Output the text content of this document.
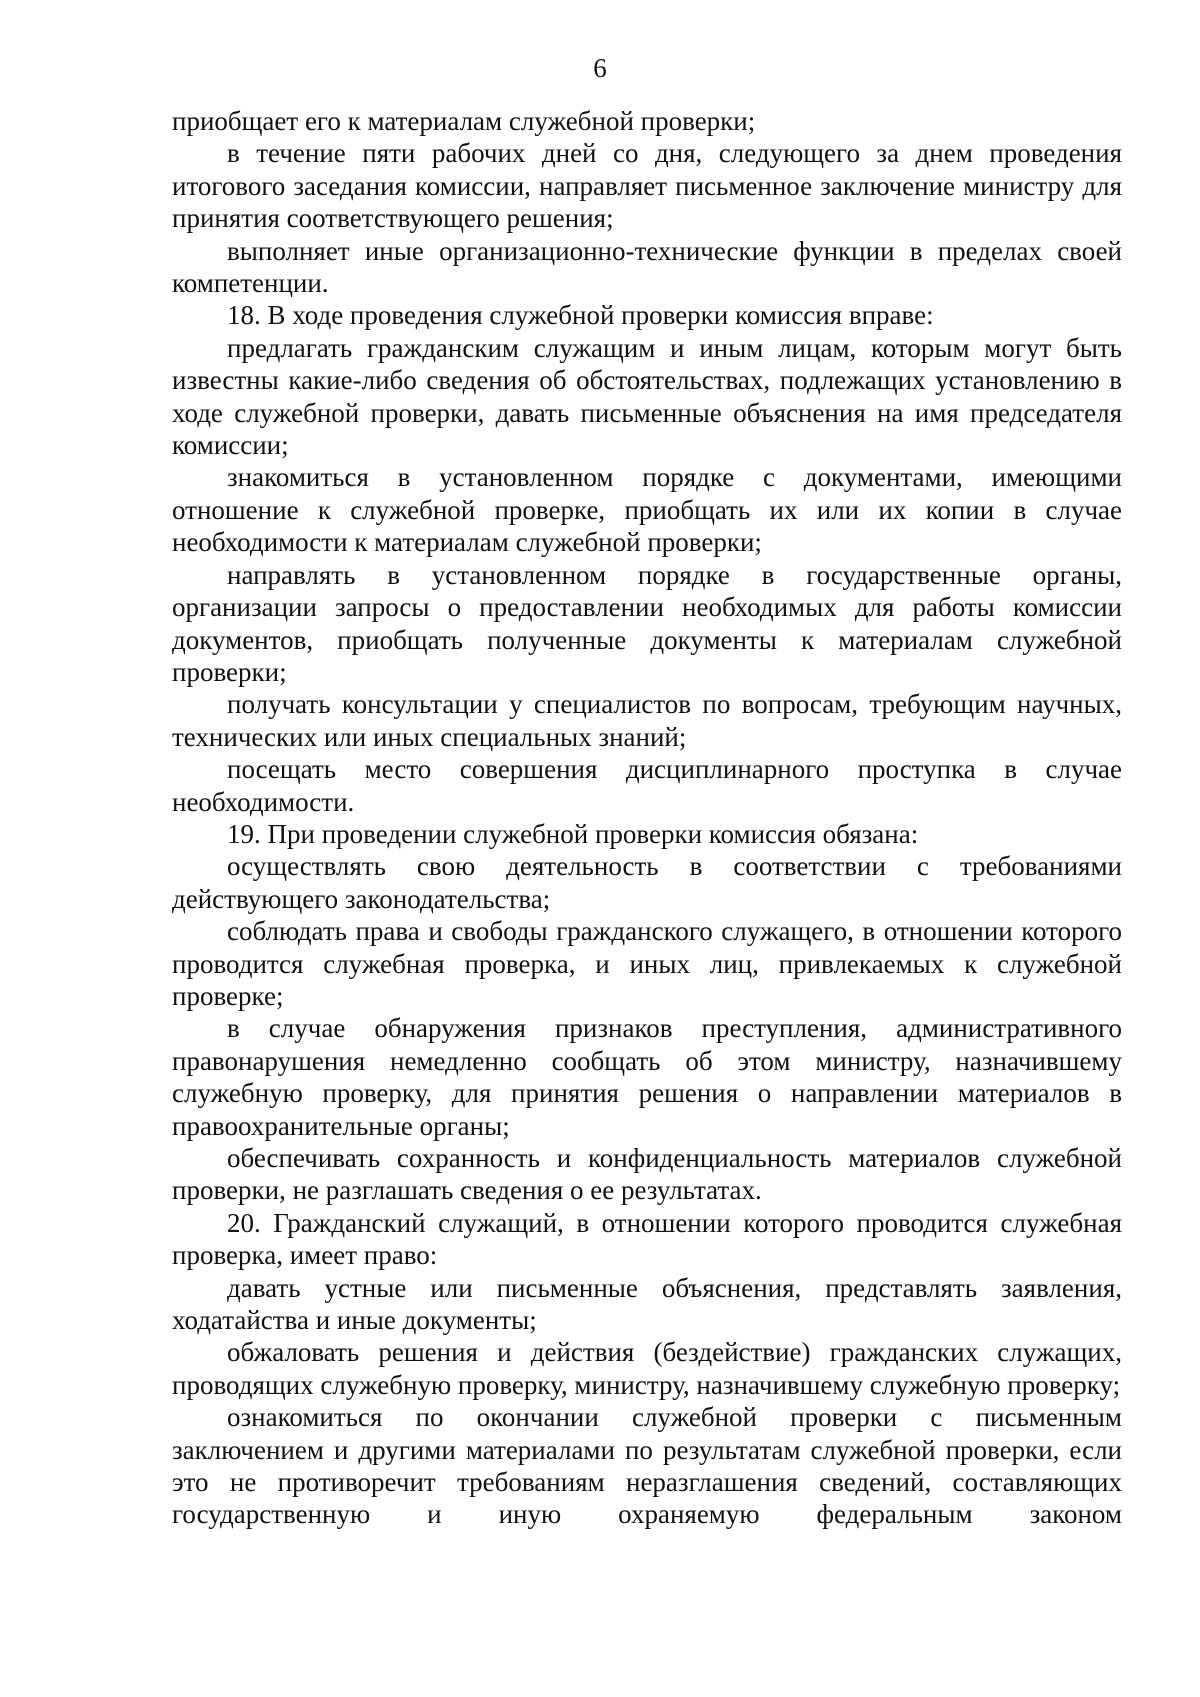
6

приобщает его к материалам служебной проверки;

в течение пяти рабочих дней со дня, следующего за днем проведения итогового заседания комиссии, направляет письменное заключение министру для принятия соответствующего решения;

выполняет иные организационно-технические функции в пределах своей компетенции.

18. В ходе проведения служебной проверки комиссия вправе:

предлагать гражданским служащим и иным лицам, которым могут быть известны какие-либо сведения об обстоятельствах, подлежащих установлению в ходе служебной проверки, давать письменные объяснения на имя председателя комиссии;

знакомиться в установленном порядке с документами, имеющими отношение к служебной проверке, приобщать их или их копии в случае необходимости к материалам служебной проверки;

направлять в установленном порядке в государственные органы, организации запросы о предоставлении необходимых для работы комиссии документов, приобщать полученные документы к материалам служебной проверки;

получать консультации у специалистов по вопросам, требующим научных, технических или иных специальных знаний;

посещать место совершения дисциплинарного проступка в случае необходимости.

19. При проведении служебной проверки комиссия обязана:

осуществлять свою деятельность в соответствии с требованиями действующего законодательства;

соблюдать права и свободы гражданского служащего, в отношении которого проводится служебная проверка, и иных лиц, привлекаемых к служебной проверке;

в случае обнаружения признаков преступления, административного правонарушения немедленно сообщать об этом министру, назначившему служебную проверку, для принятия решения о направлении материалов в правоохранительные органы;

обеспечивать сохранность и конфиденциальность материалов служебной проверки, не разглашать сведения о ее результатах.

20. Гражданский служащий, в отношении которого проводится служебная проверка, имеет право:

давать устные или письменные объяснения, представлять заявления, ходатайства и иные документы;

обжаловать решения и действия (бездействие) гражданских служащих, проводящих служебную проверку, министру, назначившему служебную проверку;

ознакомиться по окончании служебной проверки с письменным заключением и другими материалами по результатам служебной проверки, если это не противоречит требованиям неразглашения сведений, составляющих государственную и иную охраняемую федеральным законом
